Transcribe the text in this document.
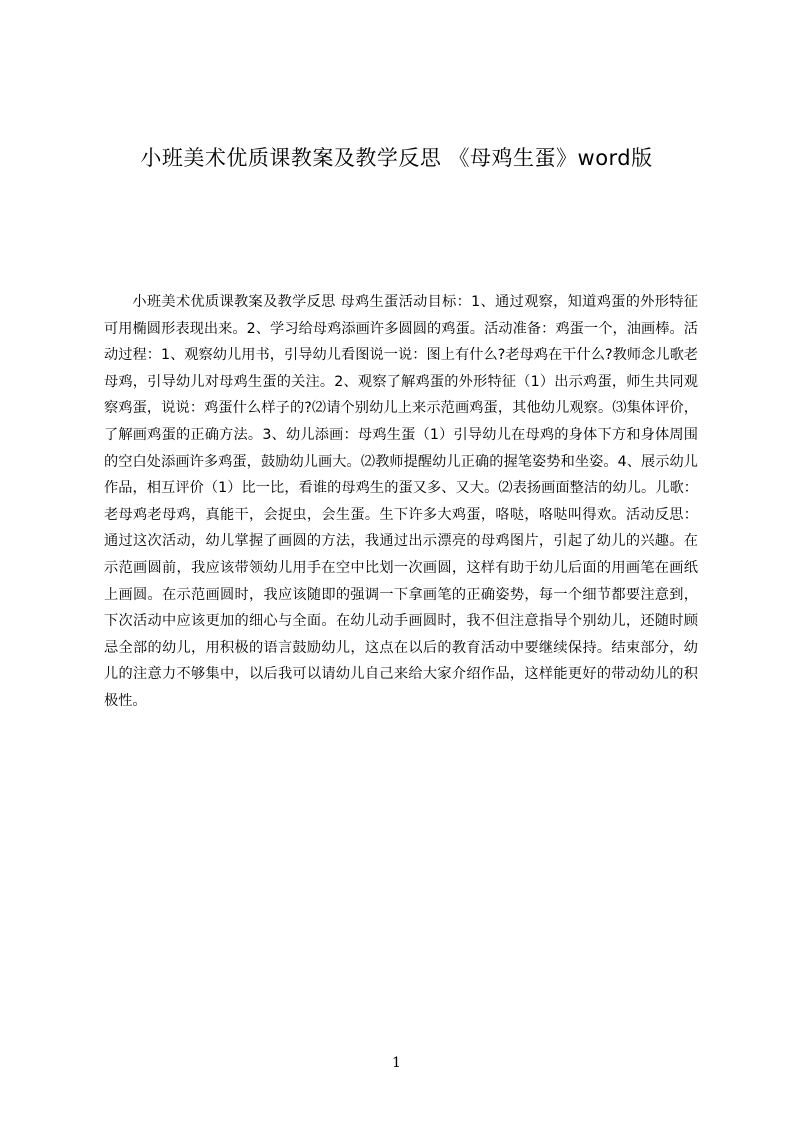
小班美术优质课教案及教学反思 《母鸡生蛋》word版

小班美术优质课教案及教学反思 母鸡生蛋活动目标：1、通过观察，知道鸡蛋的外形特征可用椭圆形表现出来。2、学习给母鸡添画许多圆圆的鸡蛋。活动准备：鸡蛋一个，油画棒。活动过程：1、观察幼儿用书，引导幼儿看图说一说：图上有什么?老母鸡在干什么?教师念儿歌老母鸡，引导幼儿对母鸡生蛋的关注。2、观察了解鸡蛋的外形特征（1）出示鸡蛋，师生共同观察鸡蛋，说说：鸡蛋什么样子的?⑵请个别幼儿上来示范画鸡蛋，其他幼儿观察。⑶集体评价，了解画鸡蛋的正确方法。3、幼儿添画：母鸡生蛋（1）引导幼儿在母鸡的身体下方和身体周围的空白处添画许多鸡蛋，鼓励幼儿画大。⑵教师提醒幼儿正确的握笔姿势和坐姿。4、展示幼儿作品，相互评价（1）比一比，看谁的母鸡生的蛋又多、又大。⑵表扬画面整洁的幼儿。儿歌：老母鸡老母鸡，真能干，会捉虫，会生蛋。生下许多大鸡蛋，咯哒，咯哒叫得欢。活动反思：通过这次活动，幼儿掌握了画圆的方法，我通过出示漂亮的母鸡图片，引起了幼儿的兴趣。在示范画圆前，我应该带领幼儿用手在空中比划一次画圆，这样有助于幼儿后面的用画笔在画纸上画圆。在示范画圆时，我应该随即的强调一下拿画笔的正确姿势，每一个细节都要注意到，下次活动中应该更加的细心与全面。在幼儿动手画圆时，我不但注意指导个别幼儿，还随时顾忌全部的幼儿，用积极的语言鼓励幼儿，这点在以后的教育活动中要继续保持。结束部分，幼儿的注意力不够集中，以后我可以请幼儿自己来给大家介绍作品，这样能更好的带动幼儿的积极性。

1
